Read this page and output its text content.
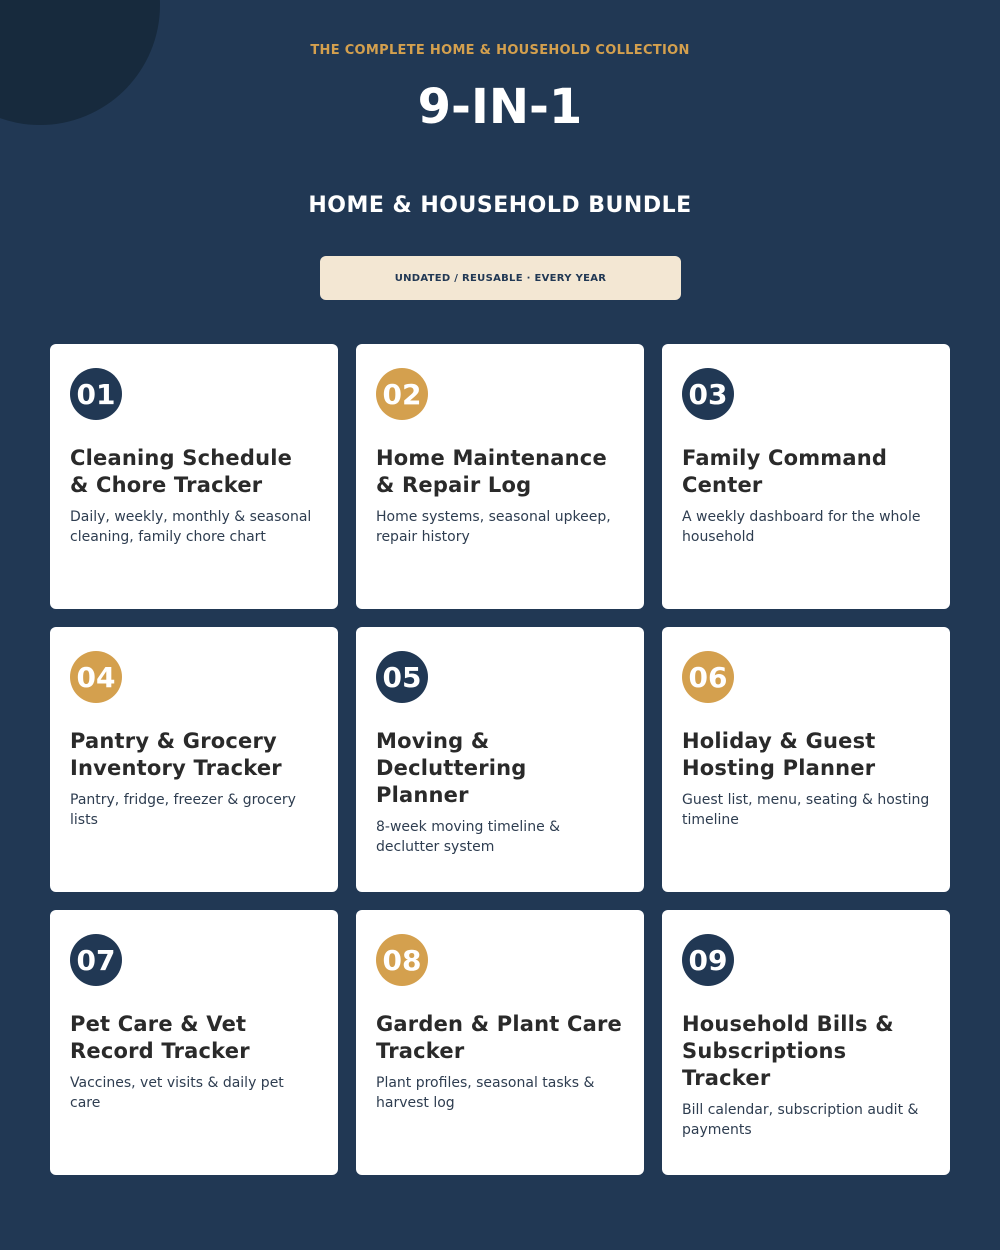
THE COMPLETE HOME & HOUSEHOLD COLLECTION
9-IN-1
HOME & HOUSEHOLD BUNDLE
UNDATED / REUSABLE · EVERY YEAR
01
Cleaning Schedule & Chore Tracker
Daily, weekly, monthly & seasonal cleaning, family chore chart
02
Home Maintenance & Repair Log
Home systems, seasonal upkeep, repair history
03
Family Command Center
A weekly dashboard for the whole household
04
Pantry & Grocery Inventory Tracker
Pantry, fridge, freezer & grocery lists
05
Moving & Decluttering Planner
8-week moving timeline & declutter system
06
Holiday & Guest Hosting Planner
Guest list, menu, seating & hosting timeline
07
Pet Care & Vet Record Tracker
Vaccines, vet visits & daily pet care
08
Garden & Plant Care Tracker
Plant profiles, seasonal tasks & harvest log
09
Household Bills & Subscriptions Tracker
Bill calendar, subscription audit & payments
